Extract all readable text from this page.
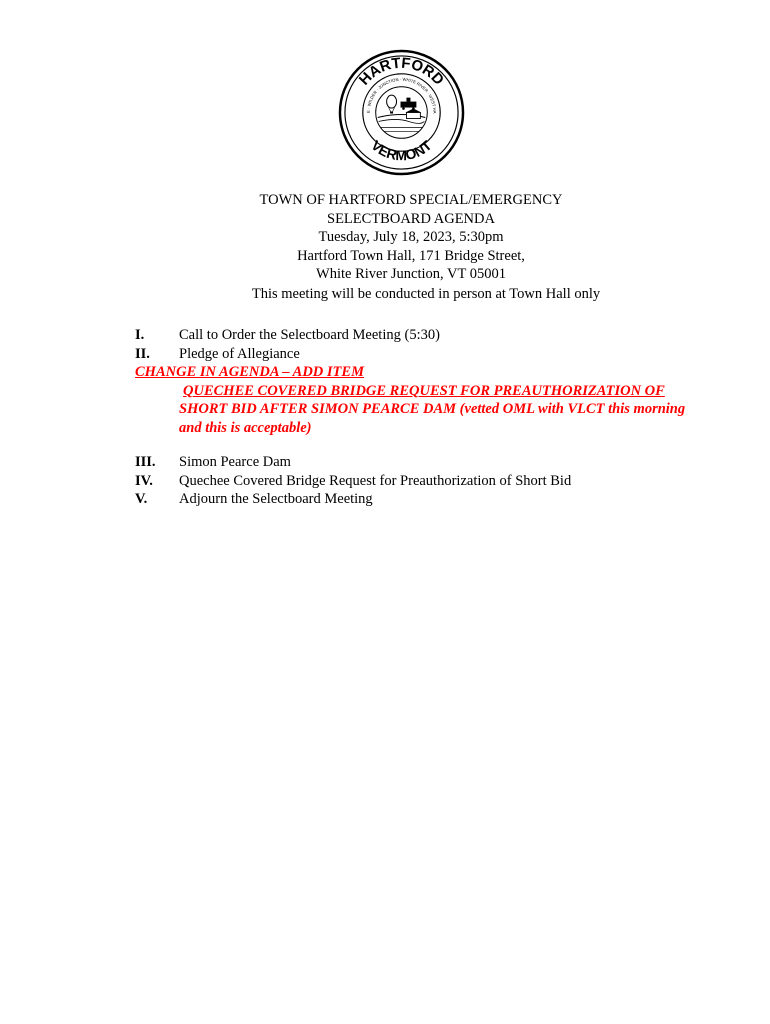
HARTFORD
VERMONT
E · WILDER · JUNCTION · WHITE RIVER · WEST HA
TOWN OF HARTFORD SPECIAL/EMERGENCY
SELECTBOARD AGENDA
Tuesday, July 18, 2023, 5:30pm
Hartford Town Hall, 171 Bridge Street,
White River Junction, VT 05001
This meeting will be conducted in person at Town Hall only
I. Call to Order the Selectboard Meeting (5:30)
II. Pledge of Allegiance
CHANGE IN AGENDA – ADD ITEM
QUECHEE COVERED BRIDGE REQUEST FOR PREAUTHORIZATION OF
SHORT BID AFTER SIMON PEARCE DAM (vetted OML with VLCT this morning
and this is acceptable)
III. Simon Pearce Dam
IV. Quechee Covered Bridge Request for Preauthorization of Short Bid
V. Adjourn the Selectboard Meeting
